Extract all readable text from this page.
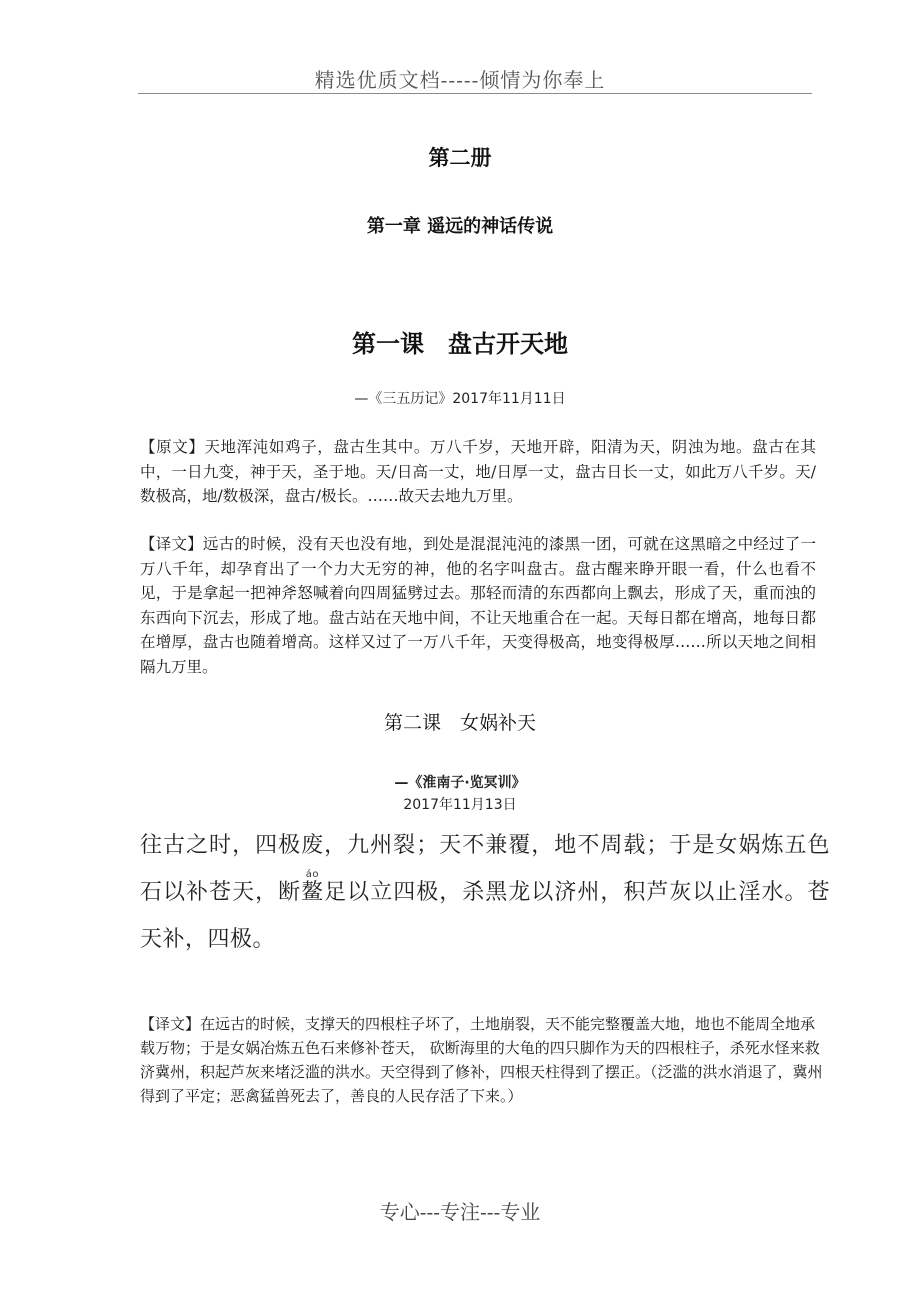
精选优质文档-----倾情为你奉上
第二册
第一章 遥远的神话传说
第一课　盘古开天地
—《三五历记》2017年11月11日
【原文】天地浑沌如鸡子，盘古生其中。万八千岁，天地开辟，阳清为天，阴浊为地。盘古在其中，一日九变，神于天，圣于地。天/日高一丈，地/日厚一丈，盘古日长一丈，如此万八千岁。天/数极高，地/数极深，盘古/极长。……故天去地九万里。
【译文】远古的时候，没有天也没有地，到处是混混沌沌的漆黑一团，可就在这黑暗之中经过了一万八千年，却孕育出了一个力大无穷的神，他的名字叫盘古。盘古醒来睁开眼一看，什么也看不见，于是拿起一把神斧怒喊着向四周猛劈过去。那轻而清的东西都向上飘去，形成了天，重而浊的东西向下沉去，形成了地。盘古站在天地中间，不让天地重合在一起。天每日都在增高，地每日都在增厚，盘古也随着增高。这样又过了一万八千年，天变得极高，地变得极厚……所以天地之间相隔九万里。
第二课　女娲补天
—《淮南子·览冥训》
2017年11月13日
往古之时，四极废，九州裂；天不兼覆，地不周载；于是女娲炼五色石以补苍天，断鳌áo足以立四极，杀黑龙以济州，积芦灰以止淫水。苍天补，四极。
【译文】在远古的时候，支撑天的四根柱子坏了，土地崩裂，天不能完整覆盖大地，地也不能周全地承载万物；于是女娲冶炼五色石来修补苍天， 砍断海里的大龟的四只脚作为天的四根柱子，杀死水怪来救济冀州，积起芦灰来堵泛滥的洪水。天空得到了修补，四根天柱得到了摆正。（泛滥的洪水消退了，冀州得到了平定；恶禽猛兽死去了，善良的人民存活了下来。）
专心---专注---专业
